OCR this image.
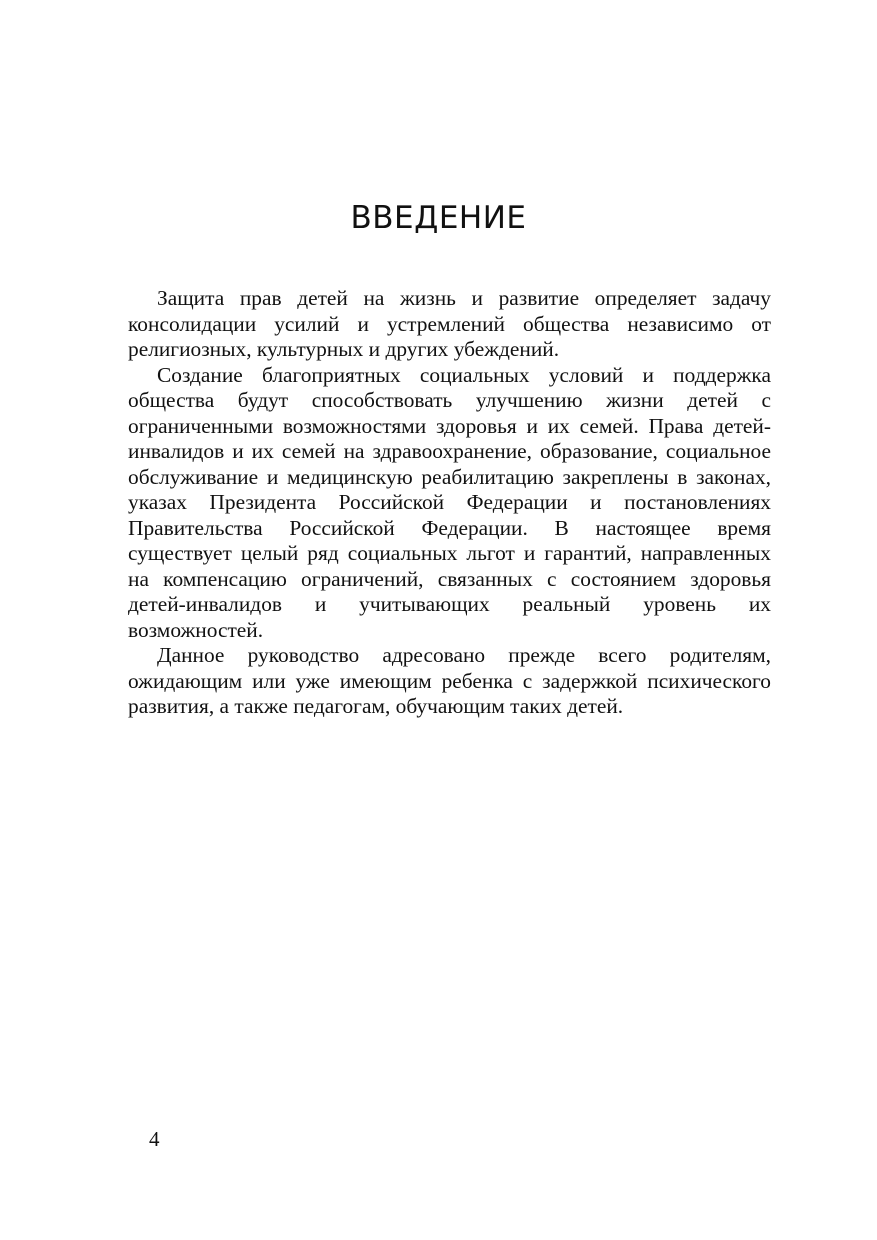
ВВЕДЕНИЕ

Защита прав детей на жизнь и развитие определяет задачу консолидации усилий и устремлений общества независимо от религиозных, культурных и других убеждений.

Создание благоприятных социальных условий и поддержка общества будут способствовать улучшению жизни детей с ограниченными возможностями здоровья и их семей. Права детей-инвалидов и их семей на здравоохранение, образование, социальное обслуживание и медицинскую реабилитацию закреплены в законах, указах Президента Российской Федерации и постановлениях Правительства Российской Федерации. В настоящее время существует целый ряд социальных льгот и гарантий, направленных на компенсацию ограничений, связанных с состоянием здоровья детей-инвалидов и учитывающих реальный уровень их возможностей.

Данное руководство адресовано прежде всего родителям, ожидающим или уже имеющим ребенка с задержкой психического развития, а также педагогам, обучающим таких детей.

4
